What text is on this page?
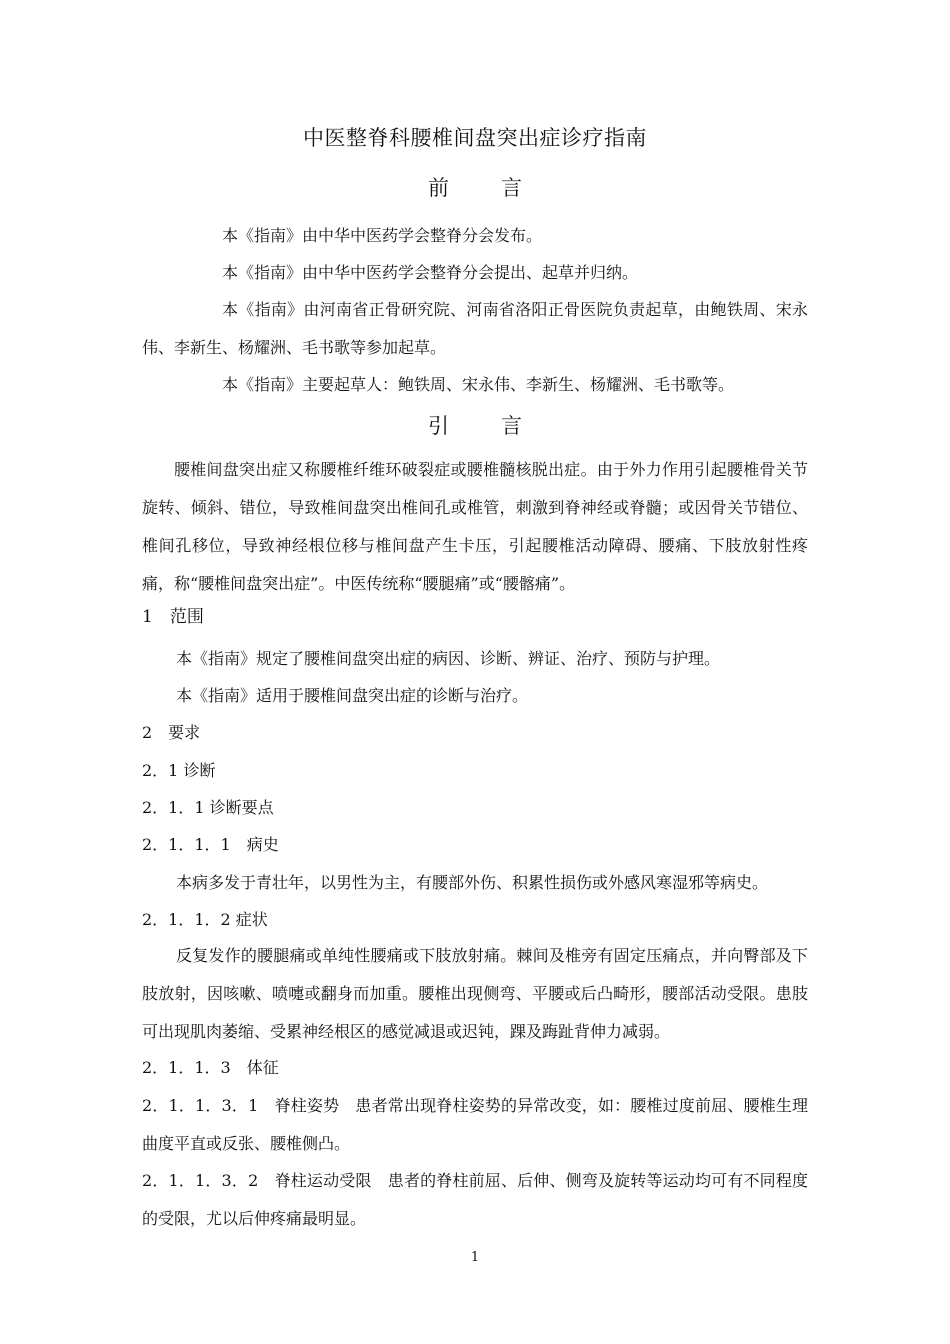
中医整脊科腰椎间盘突出症诊疗指南
前言
本《指南》由中华中医药学会整脊分会发布。
本《指南》由中华中医药学会整脊分会提出、起草并归纳。
本《指南》由河南省正骨研究院、河南省洛阳正骨医院负责起草，由鲍铁周、宋永伟、李新生、杨耀洲、毛书歌等参加起草。
本《指南》主要起草人：鲍铁周、宋永伟、李新生、杨耀洲、毛书歌等。
引言
腰椎间盘突出症又称腰椎纤维环破裂症或腰椎髓核脱出症。由于外力作用引起腰椎骨关节旋转、倾斜、错位，导致椎间盘突出椎间孔或椎管，刺激到脊神经或脊髓；或因骨关节错位、椎间孔移位，导致神经根位移与椎间盘产生卡压，引起腰椎活动障碍、腰痛、下肢放射性疼痛，称“腰椎间盘突出症”。中医传统称“腰腿痛”或“腰髂痛”。
1　范围
本《指南》规定了腰椎间盘突出症的病因、诊断、辨证、治疗、预防与护理。
本《指南》适用于腰椎间盘突出症的诊断与治疗。
2　要求
2．1 诊断
2．1．1 诊断要点
2．1．1．1　病史
本病多发于青壮年，以男性为主，有腰部外伤、积累性损伤或外感风寒湿邪等病史。
2．1．1．2 症状
反复发作的腰腿痛或单纯性腰痛或下肢放射痛。棘间及椎旁有固定压痛点，并向臀部及下肢放射，因咳嗽、喷嚏或翻身而加重。腰椎出现侧弯、平腰或后凸畸形，腰部活动受限。患肢可出现肌肉萎缩、受累神经根区的感觉减退或迟钝，踝及踇趾背伸力减弱。
2．1．1．3　体征
2．1．1．3．1　脊柱姿势　患者常出现脊柱姿势的异常改变，如：腰椎过度前屈、腰椎生理曲度平直或反张、腰椎侧凸。
2．1．1．3．2　脊柱运动受限　患者的脊柱前屈、后伸、侧弯及旋转等运动均可有不同程度的受限，尤以后伸疼痛最明显。
1
